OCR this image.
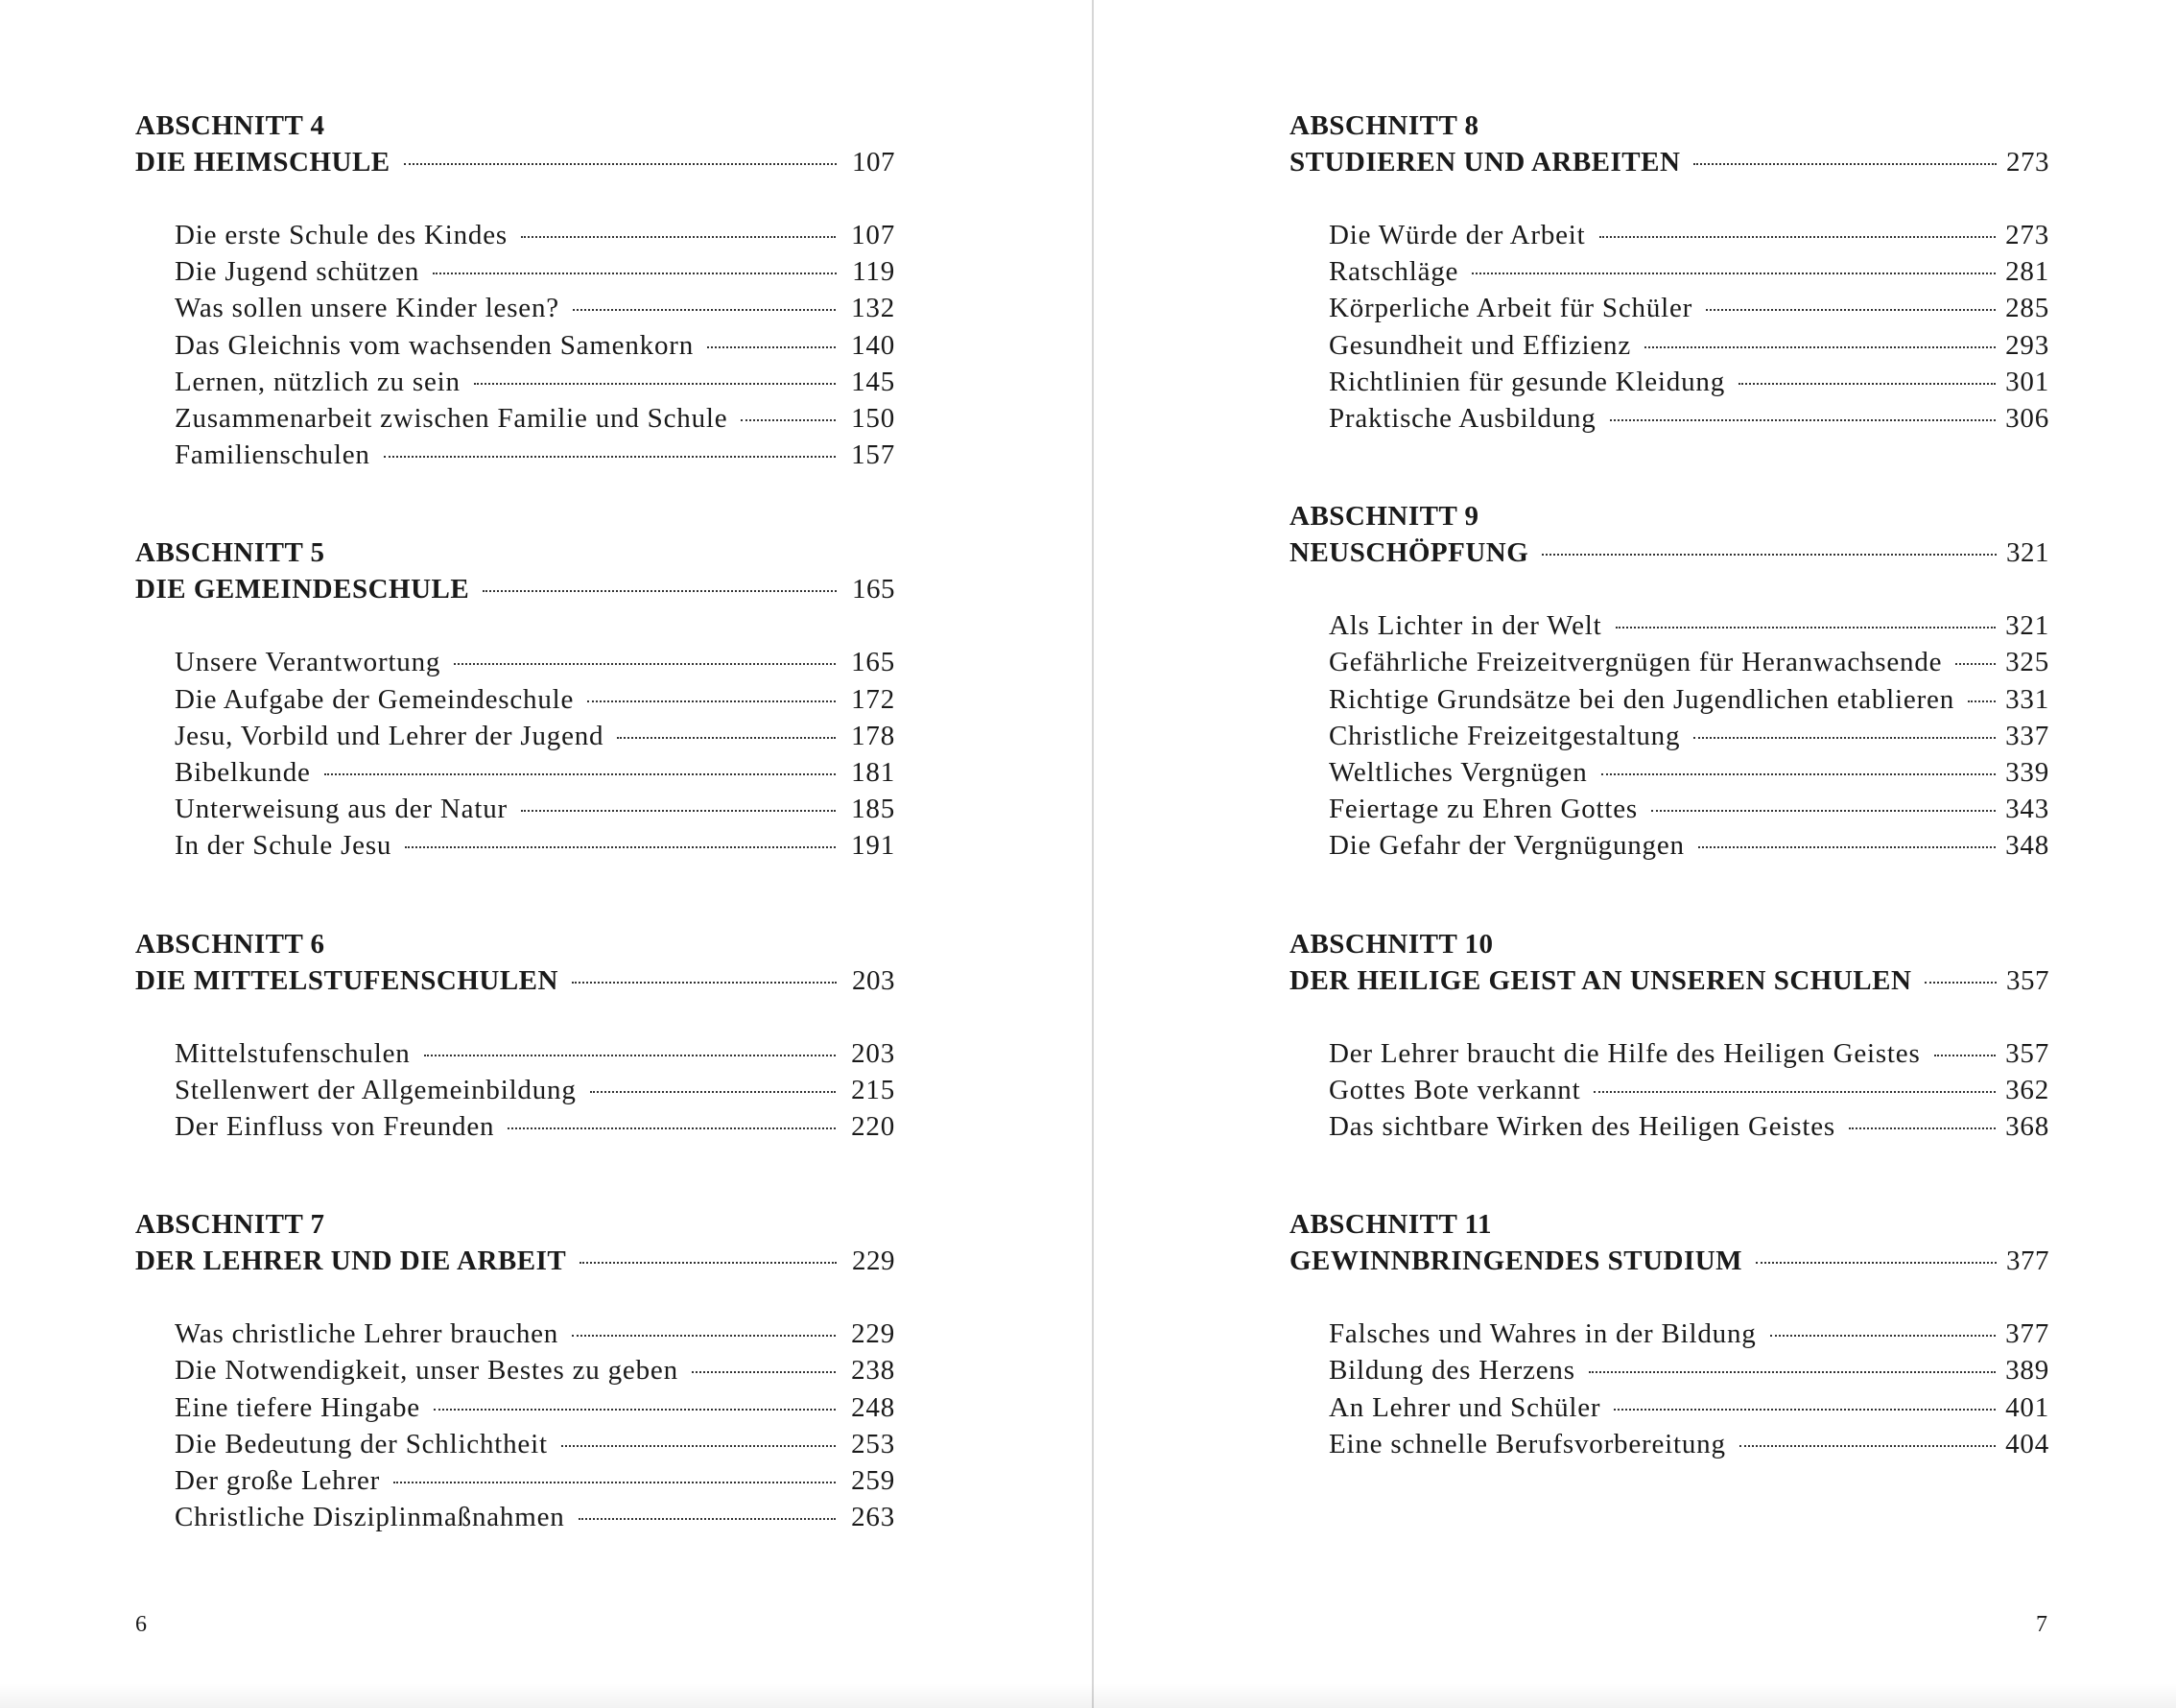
ABSCHNITT 4
DIE HEIMSCHULE	107
Die erste Schule des Kindes	107
Die Jugend schützen	119
Was sollen unsere Kinder lesen?	132
Das Gleichnis vom wachsenden Samenkorn	140
Lernen, nützlich zu sein	145
Zusammenarbeit zwischen Familie und Schule	150
Familienschulen	157
ABSCHNITT 5
DIE GEMEINDESCHULE	165
Unsere Verantwortung	165
Die Aufgabe der Gemeindeschule	172
Jesu, Vorbild und Lehrer der Jugend	178
Bibelkunde	181
Unterweisung aus der Natur	185
In der Schule Jesu	191
ABSCHNITT 6
DIE MITTELSTUFENSCHULEN	203
Mittelstufenschulen	203
Stellenwert der Allgemeinbildung	215
Der Einfluss von Freunden	220
ABSCHNITT 7
DER LEHRER UND DIE ARBEIT	229
Was christliche Lehrer brauchen	229
Die Notwendigkeit, unser Bestes zu geben	238
Eine tiefere Hingabe	248
Die Bedeutung der Schlichtheit	253
Der große Lehrer	259
Christliche Disziplinmaßnahmen	263
6
ABSCHNITT 8
STUDIEREN UND ARBEITEN	273
Die Würde der Arbeit	273
Ratschläge	281
Körperliche Arbeit für Schüler	285
Gesundheit und Effizienz	293
Richtlinien für gesunde Kleidung	301
Praktische Ausbildung	306
ABSCHNITT 9
NEUSCHÖPFUNG	321
Als Lichter in der Welt	321
Gefährliche Freizeitvergnügen für Heranwachsende 325
Richtige Grundsätze bei den Jugendlichen etablieren 331
Christliche Freizeitgestaltung	337
Weltliches Vergnügen	339
Feiertage zu Ehren Gottes	343
Die Gefahr der Vergnügungen	348
ABSCHNITT 10
DER HEILIGE GEIST AN UNSEREN SCHULEN	357
Der Lehrer braucht die Hilfe des Heiligen Geistes	357
Gottes Bote verkannt	362
Das sichtbare Wirken des Heiligen Geistes	368
ABSCHNITT 11
GEWINNBRINGENDES STUDIUM	377
Falsches und Wahres in der Bildung	377
Bildung des Herzens	389
An Lehrer und Schüler	401
Eine schnelle Berufsvorbereitung	404
7
